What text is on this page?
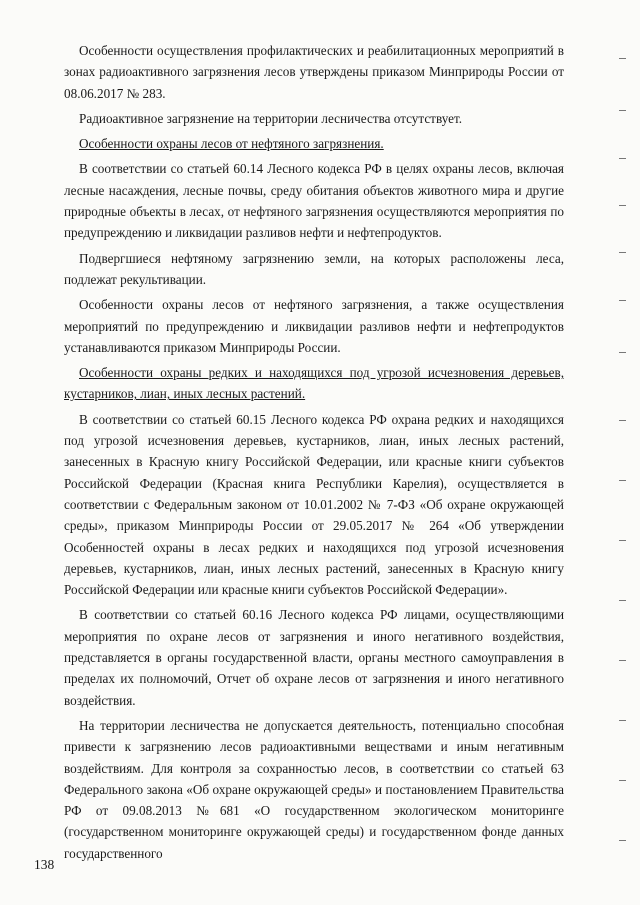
Особенности осуществления профилактических и реабилитационных мероприятий в зонах радиоактивного загрязнения лесов утверждены приказом Минприроды России от 08.06.2017 № 283.

Радиоактивное загрязнение на территории лесничества отсутствует.

Особенности охраны лесов от нефтяного загрязнения.

В соответствии со статьей 60.14 Лесного кодекса РФ в целях охраны лесов, включая лесные насаждения, лесные почвы, среду обитания объектов животного мира и другие природные объекты в лесах, от нефтяного загрязнения осуществляются мероприятия по предупреждению и ликвидации разливов нефти и нефтепродуктов.

Подвергшиеся нефтяному загрязнению земли, на которых расположены леса, подлежат рекультивации.

Особенности охраны лесов от нефтяного загрязнения, а также осуществления мероприятий по предупреждению и ликвидации разливов нефти и нефтепродуктов устанавливаются приказом Минприроды России.

Особенности охраны редких и находящихся под угрозой исчезновения деревьев, кустарников, лиан, иных лесных растений.

В соответствии со статьей 60.15 Лесного кодекса РФ охрана редких и находящихся под угрозой исчезновения деревьев, кустарников, лиан, иных лесных растений, занесенных в Красную книгу Российской Федерации, или красные книги субъектов Российской Федерации (Красная книга Республики Карелия), осуществляется в соответствии с Федеральным законом от 10.01.2002 № 7-ФЗ «Об охране окружающей среды», приказом Минприроды России от 29.05.2017 № 264 «Об утверждении Особенностей охраны в лесах редких и находящихся под угрозой исчезновения деревьев, кустарников, лиан, иных лесных растений, занесенных в Красную книгу Российской Федерации или красные книги субъектов Российской Федерации».

В соответствии со статьей 60.16 Лесного кодекса РФ лицами, осуществляющими мероприятия по охране лесов от загрязнения и иного негативного воздействия, представляется в органы государственной власти, органы местного самоуправления в пределах их полномочий, Отчет об охране лесов от загрязнения и иного негативного воздействия.

На территории лесничества не допускается деятельность, потенциально способная привести к загрязнению лесов радиоактивными веществами и иным негативным воздействиям. Для контроля за сохранностью лесов, в соответствии со статьей 63 Федерального закона «Об охране окружающей среды» и постановлением Правительства РФ от 09.08.2013 №681 «О государственном экологическом мониторинге (государственном мониторинге окружающей среды) и государственном фонде данных государственного

138
